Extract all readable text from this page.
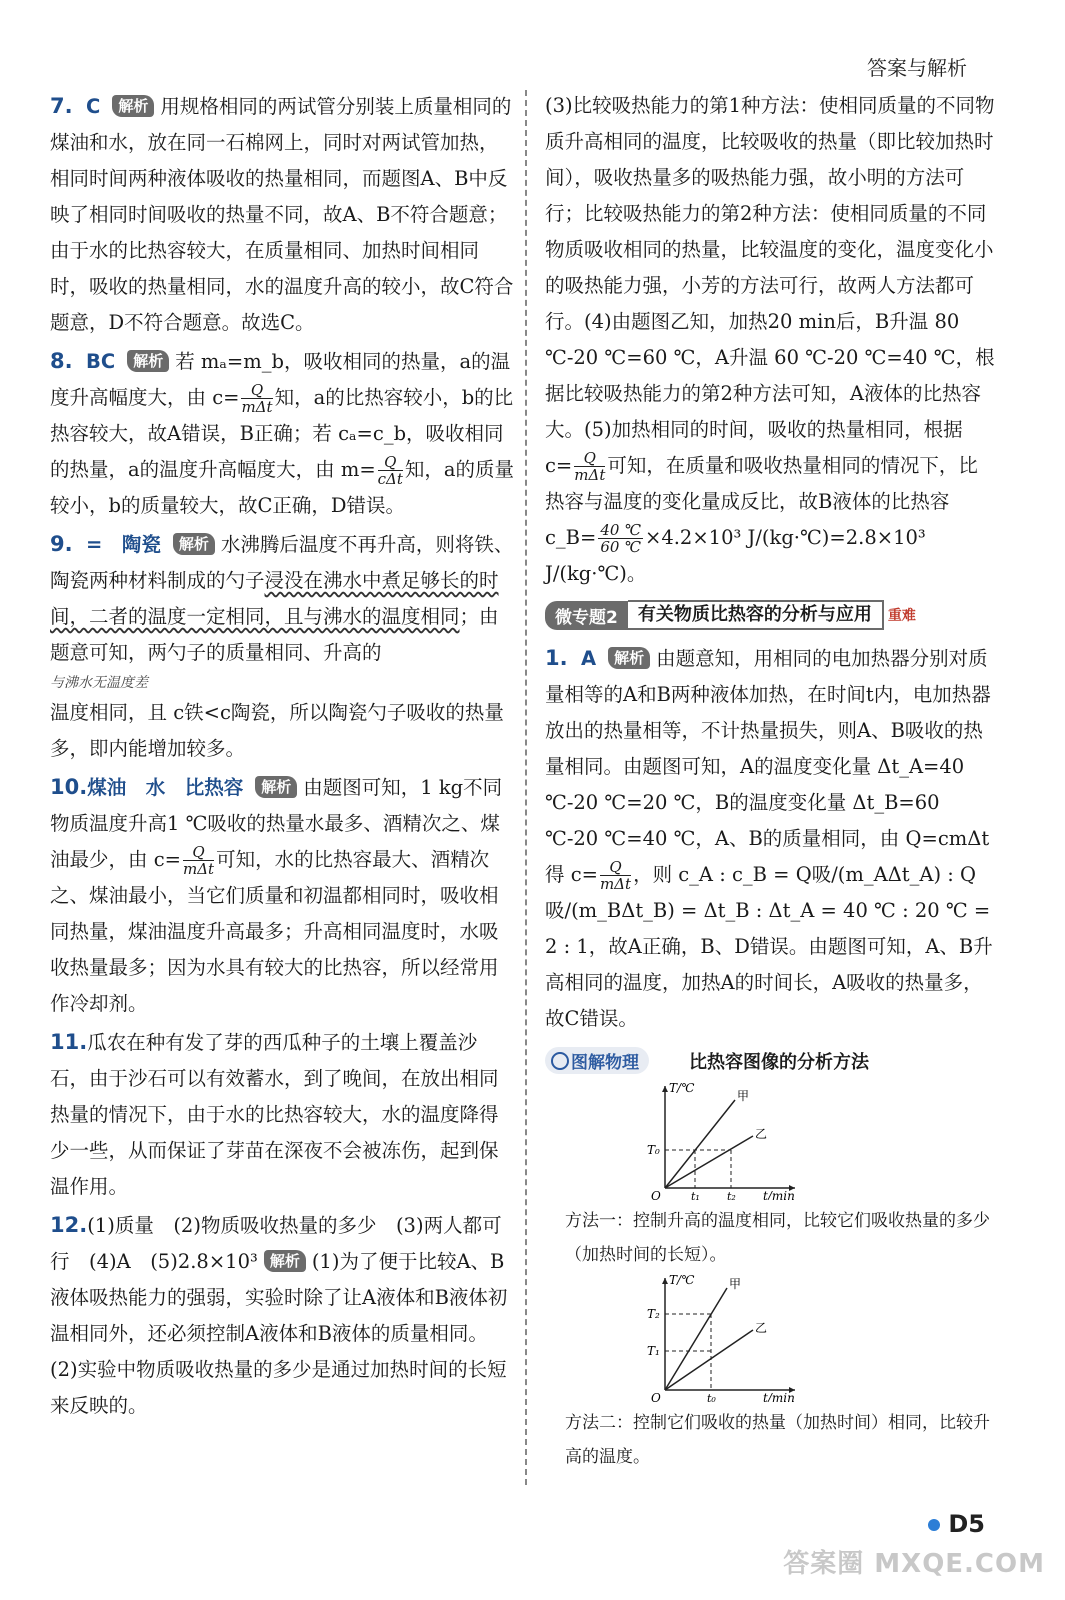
答案与解析
7. C 解析 用规格相同的两试管分别装上质量相同的煤油和水，放在同一石棉网上，同时对两试管加热，相同时间两种液体吸收的热量相同，而题图A、B中反映了相同时间吸收的热量不同，故A、B不符合题意；由于水的比热容较大，在质量相同、加热时间相同时，吸收的热量相同，水的温度升高的较小，故C符合题意，D不符合题意。故选C。
8. BC 解析 若 mₐ=m_b，吸收相同的热量，a的温度升高幅度大，由 $c= \frac{Q}{\text{mΔt}}$ 知，a的比热容较小，b的比热容较大，故A错误，B正确；若 cₐ=c_b，吸收相同的热量，a的温度升高幅度大，由 $m= \frac{Q}{\text{cΔt}}$ 知，a的质量较小，b的质量较大，故C正确，D错误。
9. =　陶瓷 解析 水沸腾后温度不再升高，则将铁、陶瓷两种材料制成的勺子浸没在沸水中煮足够长的时间，二者的温度一定相同，且与沸水的温度相同；由题意可知，两勺子的质量相同、升高的
与沸水无温度差
温度相同，且 c铁<c陶瓷，所以陶瓷勺子吸收的热量多，即内能增加较多。
10.煤油　水　比热容 解析 由题图可知，1 kg不同物质温度升高1 ℃吸收的热量水最多、酒精次之、煤油最少，由 $c= \frac{Q}{\text{mΔt}}$ 可知，水的比热容最大、酒精次之、煤油最小，当它们质量和初温都相同时，吸收相同热量，煤油温度升高最多；升高相同温度时，水吸收热量最多；因为水具有较大的比热容，所以经常用作冷却剂。
11.瓜农在种有发了芽的西瓜种子的土壤上覆盖沙石，由于沙石可以有效蓄水，到了晚间，在放出相同热量的情况下，由于水的比热容较大，水的温度降得少一些，从而保证了芽苗在深夜不会被冻伤，起到保温作用。
12.(1)质量　(2)物质吸收热量的多少　(3)两人都可行　(4)A　(5)2.8×10³ 解析 (1)为了便于比较A、B液体吸热能力的强弱，实验时除了让A液体和B液体初温相同外，还必须控制A液体和B液体的质量相同。(2)实验中物质吸收热量的多少是通过加热时间的长短来反映的。
(3)比较吸热能力的第1种方法：使相同质量的不同物质升高相同的温度，比较吸收的热量（即比较加热时间），吸收热量多的吸热能力强，故小明的方法可行；比较吸热能力的第2种方法：使相同质量的不同物质吸收相同的热量，比较温度的变化，温度变化小的吸热能力强，小芳的方法可行，故两人方法都可行。(4)由题图乙知，加热20 min后，B升温 80 ℃-20 ℃=60 ℃，A升温 60 ℃-20 ℃=40 ℃，根据比较吸热能力的第2种方法可知，A液体的比热容大。(5)加热相同的时间，吸收的热量相同，根据 $c= \frac{Q}{\text{mΔt}}$ 可知，在质量和吸收热量相同的情况下，比热容与温度的变化量成反比，故B液体的比热容 c_B= $\frac{40 ℃}{60 ℃} \times 4.2\times 10^3$ J/(kg·℃)=2.8×10³ J/(kg·℃)。
微专题2	有关物质比热容的分析与应用	重难
1. A 解析 由题意知，用相同的电加热器分别对质量相等的A和B两种液体加热，在时间t内，电加热器放出的热量相等，不计热量损失，则A、B吸收的热量相同。由题图可知，A的温度变化量 Δt_A=40 ℃-20 ℃=20 ℃，B的温度变化量 Δt_B=60 ℃-20 ℃=40 ℃，A、B的质量相同，由 Q=cmΔt 得 $c= \frac{Q}{\text{mΔt}}$ ，则 c_A : c_B = Q吸/(m_AΔt_A) : Q吸/(m_BΔt_B) = Δt_B : Δt_A = 40 ℃ : 20 ℃ = 2 : 1，故A正确，B、D错误。由题图可知，A、B升高相同的温度，加热A的时间长，A吸收的热量多，故C错误。
图解物理	比热容图像的分析方法
T/℃
t/min
O
T₀
t₁ t₂
甲
乙
方法一：控制升高的温度相同，比较它们吸收热量的多少（加热时间的长短）。
T/℃
t/min
O
T₂
T₁
t₀
甲
乙
方法二：控制它们吸收的热量（加热时间）相同，比较升高的温度。
D5
答案圈 MXQE.COM
